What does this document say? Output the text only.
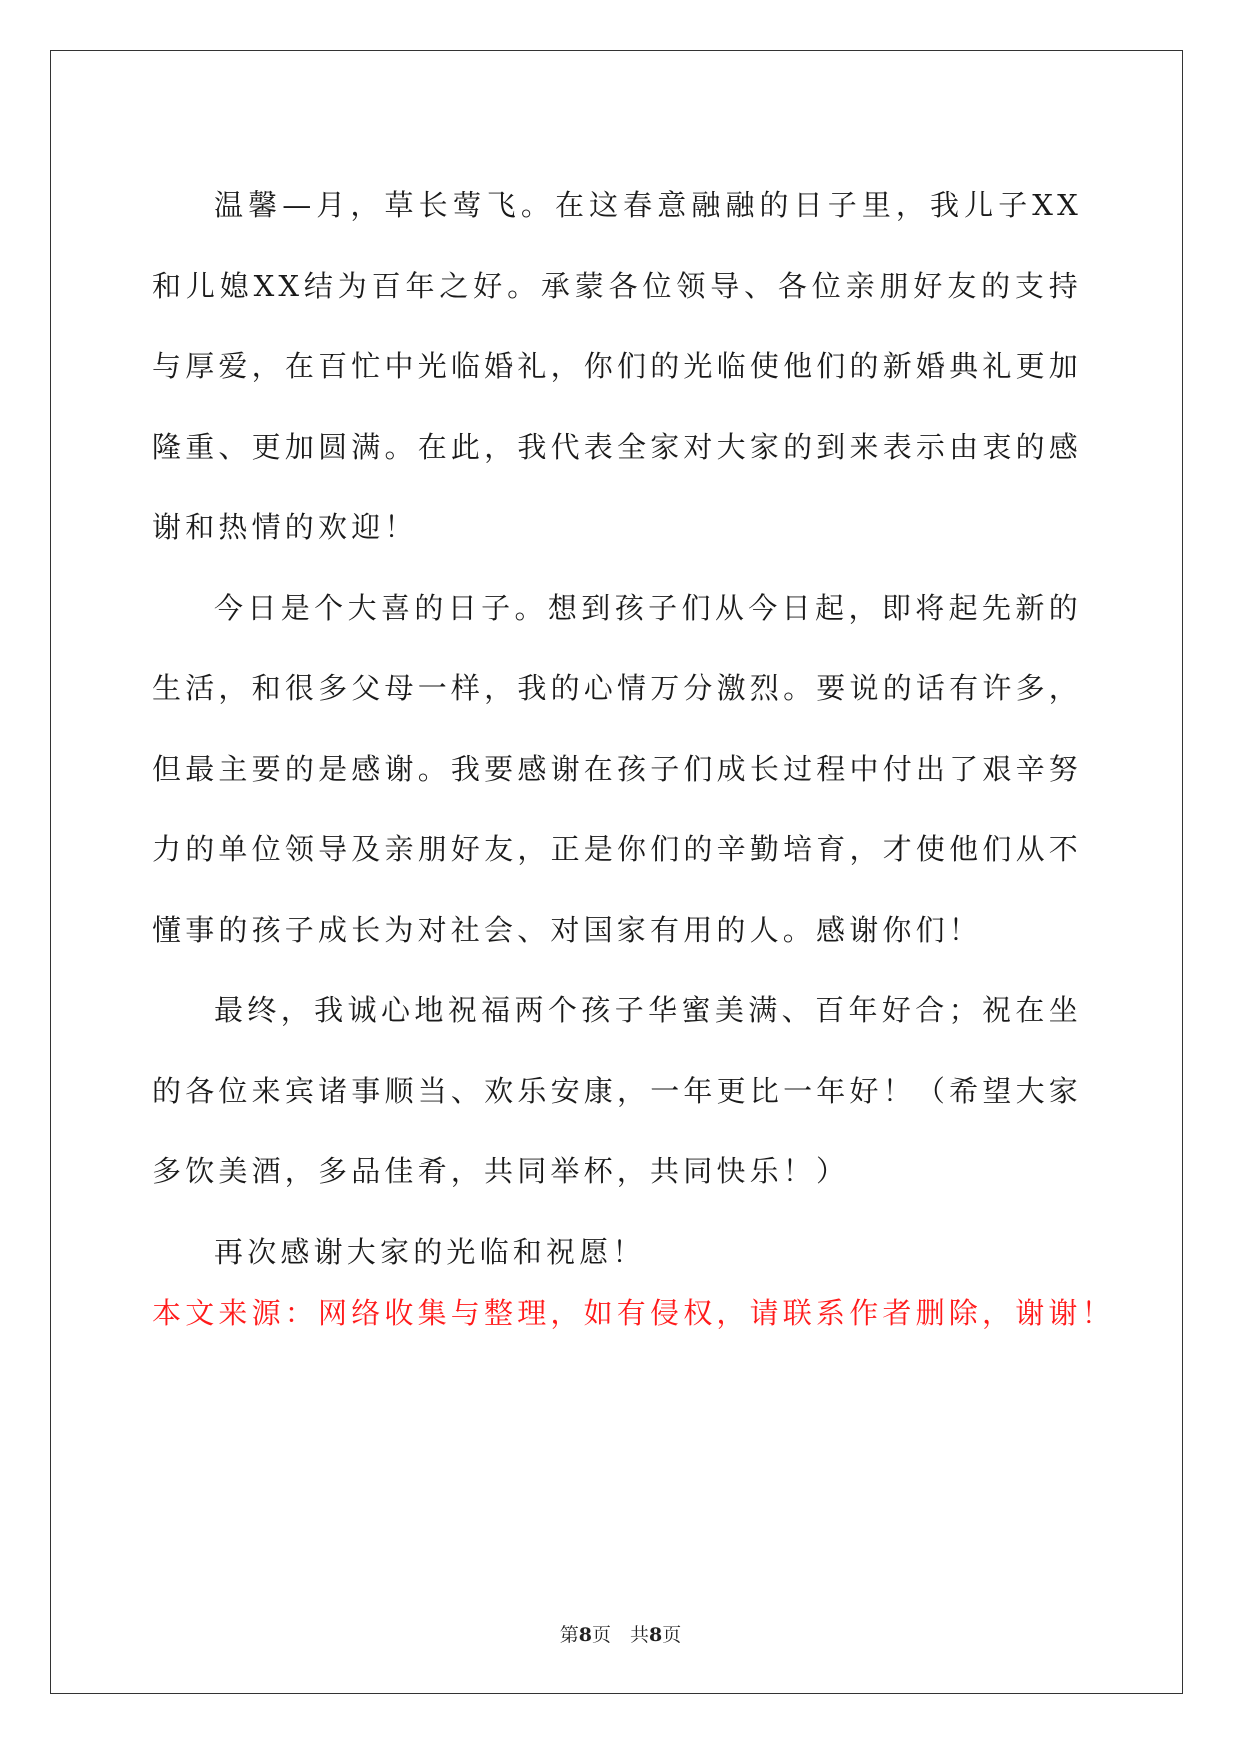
温馨—月，草长莺飞。在这春意融融的日子里，我儿子XX和儿媳XX结为百年之好。承蒙各位领导、各位亲朋好友的支持与厚爱，在百忙中光临婚礼，你们的光临使他们的新婚典礼更加隆重、更加圆满。在此，我代表全家对大家的到来表示由衷的感谢和热情的欢迎！

今日是个大喜的日子。想到孩子们从今日起，即将起先新的生活，和很多父母一样，我的心情万分激烈。要说的话有许多，但最主要的是感谢。我要感谢在孩子们成长过程中付出了艰辛努力的单位领导及亲朋好友，正是你们的辛勤培育，才使他们从不懂事的孩子成长为对社会、对国家有用的人。感谢你们！

最终，我诚心地祝福两个孩子华蜜美满、百年好合；祝在坐的各位来宾诸事顺当、欢乐安康，一年更比一年好！（希望大家多饮美酒，多品佳肴，共同举杯，共同快乐！）

再次感谢大家的光临和祝愿！

本文来源：网络收集与整理，如有侵权，请联系作者删除，谢谢！

第8页　共8页
